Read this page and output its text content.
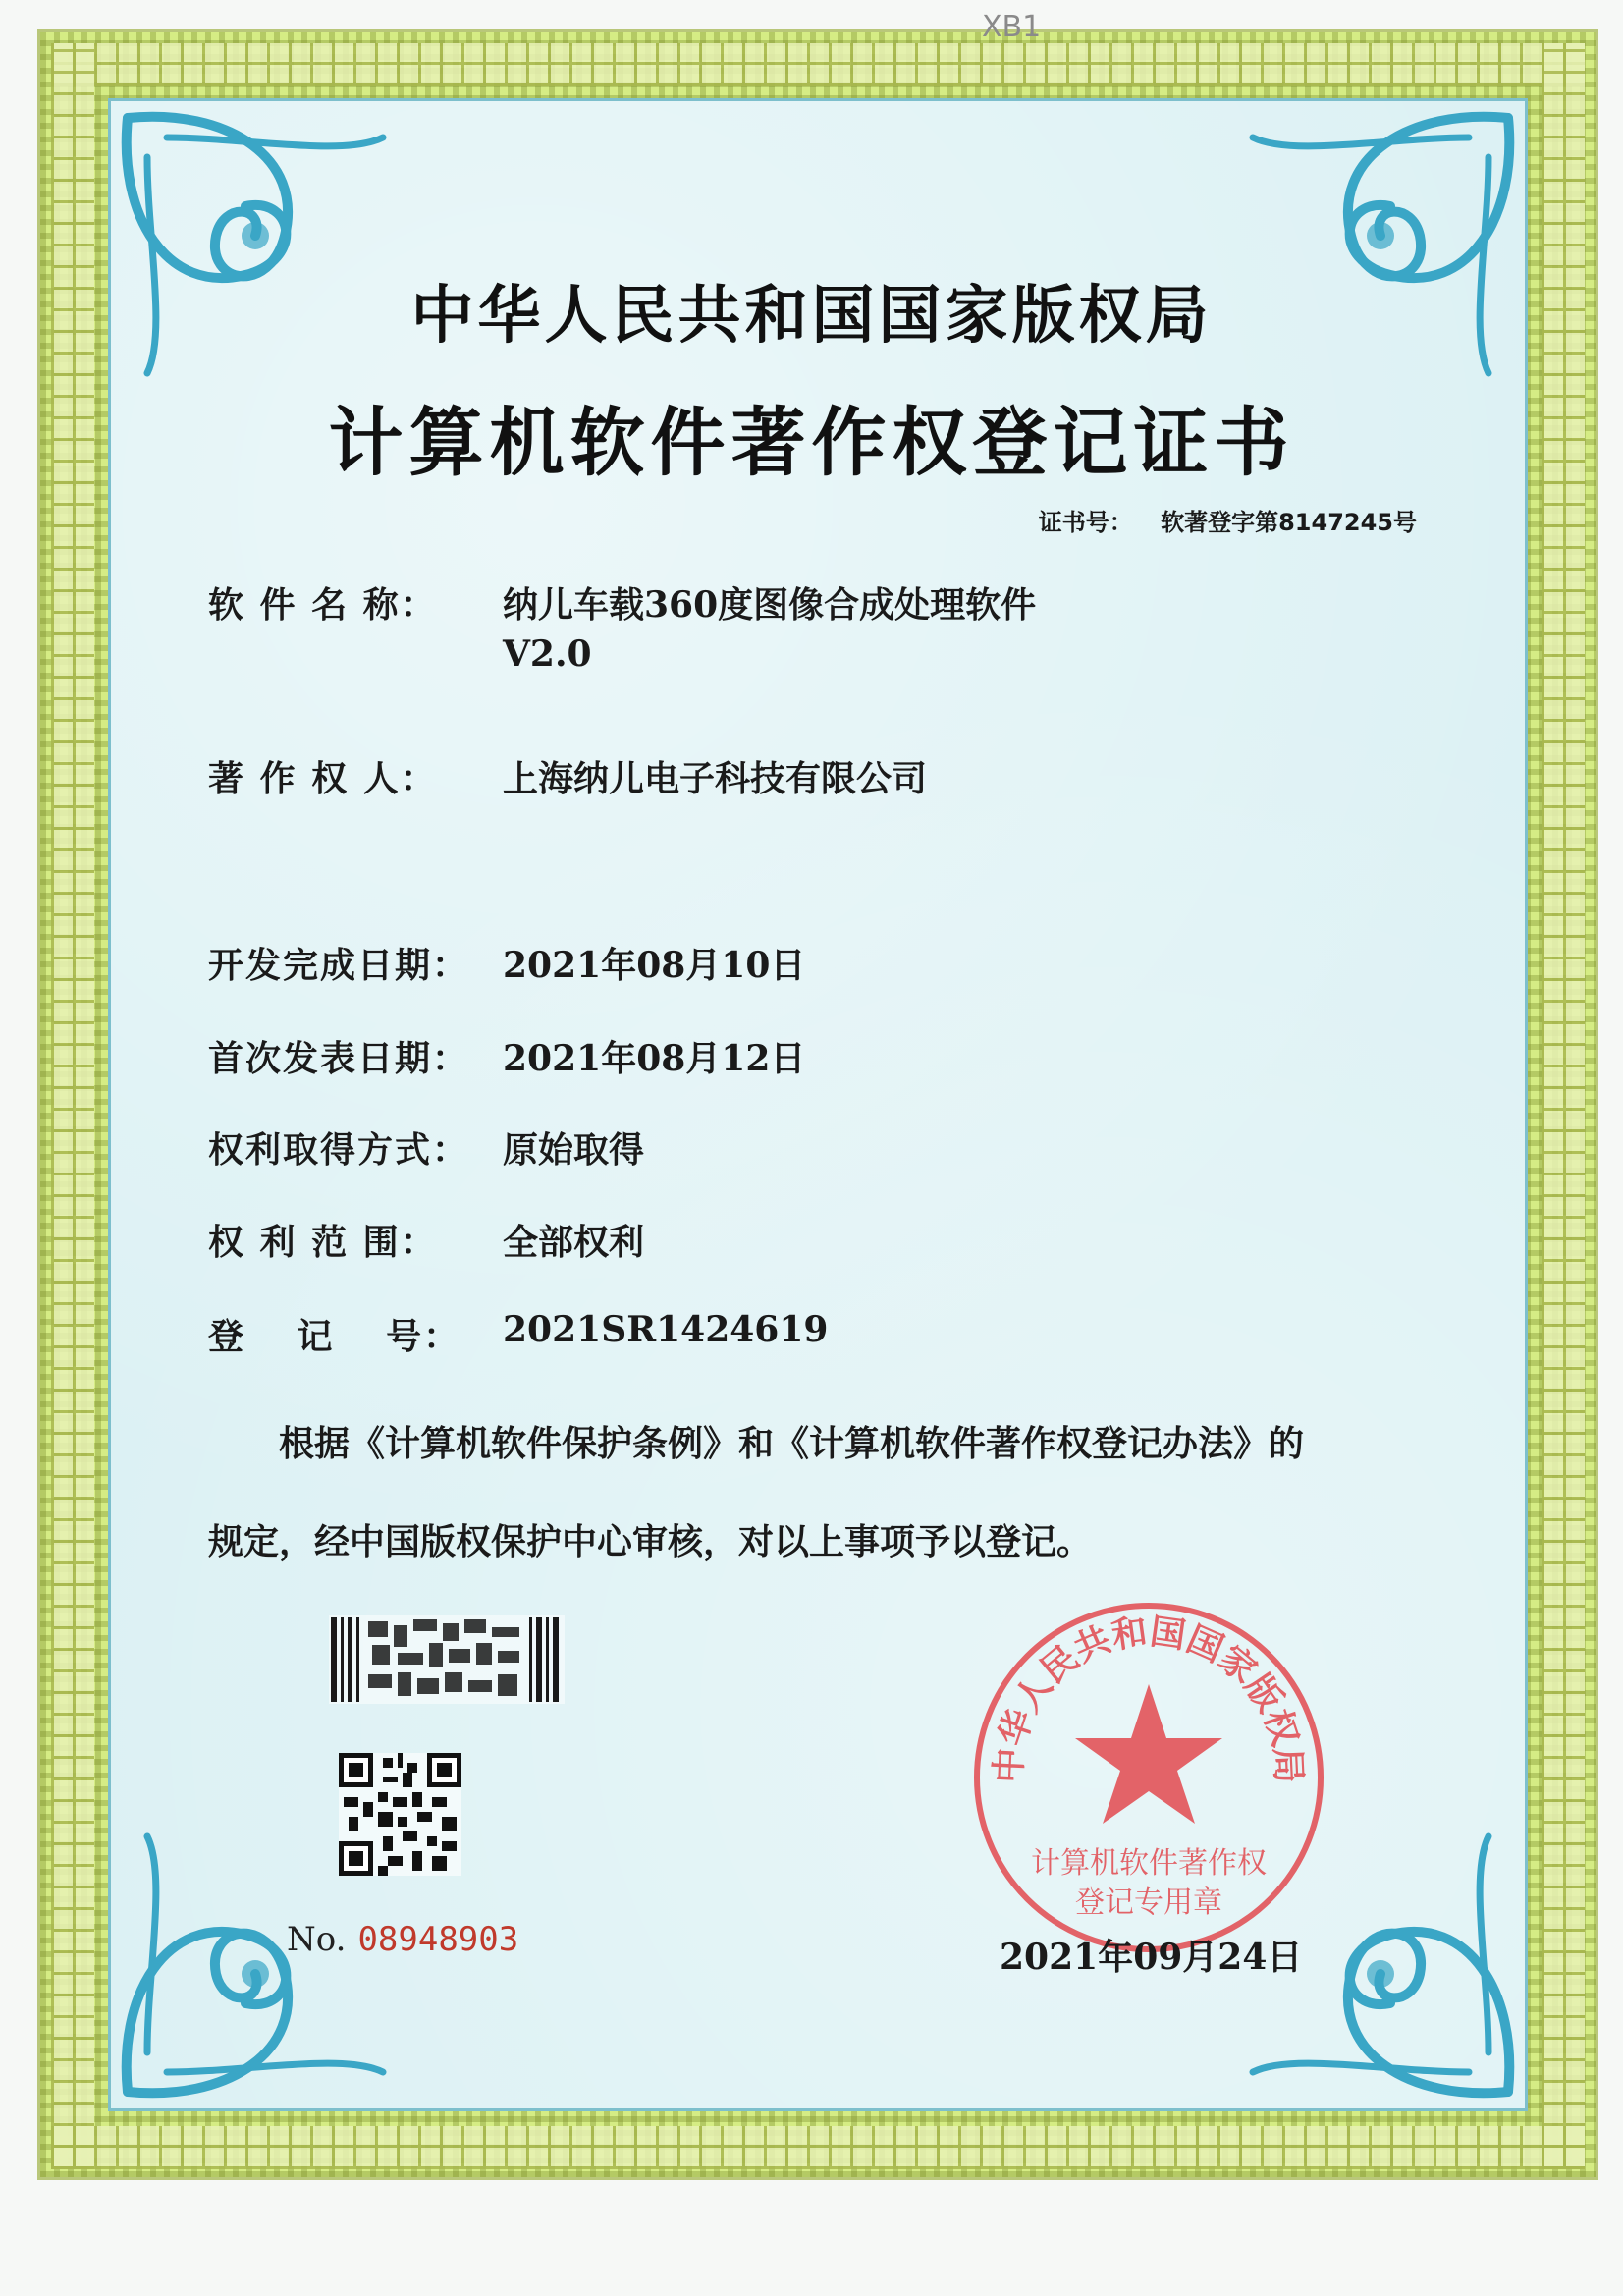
XB1
中华人民共和国国家版权局
计算机软件著作权登记证书
证书号： 软著登字第8147245号
软 件 名 称：	纳儿车载360度图像合成处理软件
V2.0
著 作 权 人：	上海纳儿电子科技有限公司
开发完成日期： 2021年08月10日
首次发表日期： 2021年08月12日
权利取得方式： 原始取得
权 利 范 围：	全部权利
登　 记　 号：	2021SR1424619
根据《计算机软件保护条例》和《计算机软件著作权登记办法》的
规定，经中国版权保护中心审核，对以上事项予以登记。
No. 08948903
中华人民共和国国家版权局
计算机软件著作权
登记专用章
2021年09月24日
